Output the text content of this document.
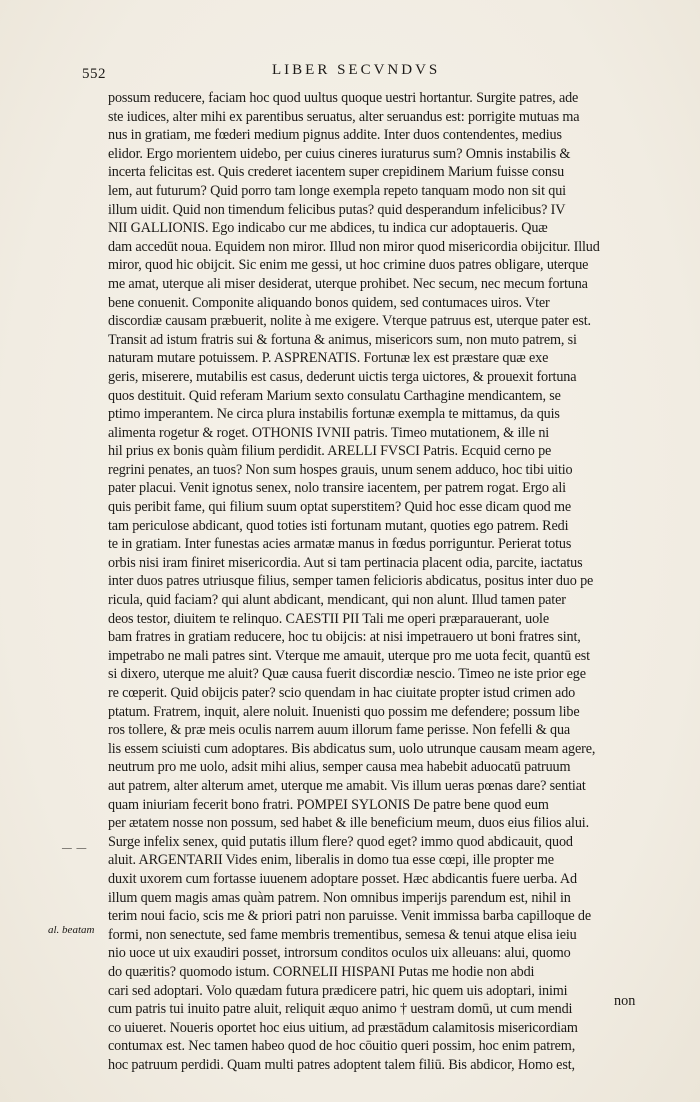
552	LIBER SECVNDVS
possum reducere, faciam hoc quod uultus quoque uestri hortantur. Surgite patres, ade
ste iudices, alter mihi ex parentibus seruatus, alter seruandus est: porrigite mutuas ma
nus in gratiam, me fœderi medium pignus addite. Inter duos contendentes, medius
elidor. Ergo morientem uidebo, per cuius cineres iuraturus sum? Omnis instabilis &
incerta felicitas est. Quis crederet iacentem super crepidinem Marium fuisse consu
lem, aut futurum? Quid porro tam longe exempla repeto tanquam modo non sit qui
illum uidit. Quid non timendum felicibus putas? quid desperandum infelicibus? IV
NII GALLIONIS. Ego indicabo cur me abdices, tu indica cur adoptaueris. Quæ
dam accedūt noua. Equidem non miror. Illud non miror quod misericordia obijcitur. Illud
miror, quod hic obijcit. Sic enim me gessi, ut hoc crimine duos patres obligare, uterque
me amat, uterque ali miser desiderat, uterque prohibet. Nec secum, nec mecum fortuna
bene conuenit. Componite aliquando bonos quidem, sed contumaces uiros. Vter
discordiæ causam præbuerit, nolite à me exigere. Vterque patruus est, uterque pater est.
Transit ad istum fratris sui & fortuna & animus, misericors sum, non muto patrem, si
naturam mutare potuissem. P. ASPRENATIS. Fortunæ lex est præstare quæ exe
geris, miserere, mutabilis est casus, dederunt uictis terga uictores, & prouexit fortuna
quos destituit. Quid referam Marium sexto consulatu Carthagine mendicantem, se
ptimo imperantem. Ne circa plura instabilis fortunæ exempla te mittamus, da quis
alimenta rogetur & roget. OTHONIS IVNII patris. Timeo mutationem, & ille ni
hil prius ex bonis quàm filium perdidit. ARELLI FVSCI Patris. Ecquid cerno pe
regrini penates, an tuos? Non sum hospes grauis, unum senem adduco, hoc tibi uitio
pater placui. Venit ignotus senex, nolo transire iacentem, per patrem rogat. Ergo ali
quis peribit fame, qui filium suum optat superstitem? Quid hoc esse dicam quod me
tam periculose abdicant, quod toties isti fortunam mutant, quoties ego patrem. Redi
te in gratiam. Inter funestas acies armatæ manus in fœdus porriguntur. Perierat totus
orbis nisi iram finiret misericordia. Aut si tam pertinacia placent odia, parcite, iactatus
inter duos patres utriusque filius, semper tamen felicioris abdicatus, positus inter duo pe
ricula, quid faciam? qui alunt abdicant, mendicant, qui non alunt. Illud tamen pater
deos testor, diuitem te relinquo. CAESTII PII Tali me operi præparauerant, uole
bam fratres in gratiam reducere, hoc tu obijcis: at nisi impetrauero ut boni fratres sint,
impetrabo ne mali patres sint. Vterque me amauit, uterque pro me uota fecit, quantū est
si dixero, uterque me aluit? Quæ causa fuerit discordiæ nescio. Timeo ne iste prior ege
re cœperit. Quid obijcis pater? scio quendam in hac ciuitate propter istud crimen ado
ptatum. Fratrem, inquit, alere noluit. Inuenisti quo possim me defendere; possum libe
ros tollere, & præ meis oculis narrem auum illorum fame perisse. Non fefelli & qua
lis essem sciuisti cum adoptares. Bis abdicatus sum, uolo utrunque causam meam agere,
neutrum pro me uolo, adsit mihi alius, semper causa mea habebit aduocatū patruum
aut patrem, alter alterum amet, uterque me amabit. Vis illum ueras pœnas dare? sentiat
quam iniuriam fecerit bono fratri. POMPEI SYLONIS De patre bene quod eum
per ætatem nosse non possum, sed habet & ille beneficium meum, duos eius filios alui.
Surge infelix senex, quid putatis illum flere? quod eget? immo quod abdicauit, quod
aluit. ARGENTARII Vides enim, liberalis in domo tua esse cœpi, ille propter me
duxit uxorem cum fortasse iuuenem adoptare posset. Hæc abdicantis fuere uerba. Ad
illum quem magis amas quàm patrem. Non omnibus imperijs parendum est, nihil in
terim noui facio, scis me & priori patri non paruisse. Venit immissa barba capilloque de
formi, non senectute, sed fame membris trementibus, semesa & tenui atque elisa ieiu
nio uoce ut uix exaudiri posset, introrsum conditos oculos uix alleuans: alui, quomo
do quæritis? quomodo istum. CORNELII HISPANI Putas me hodie non abdi
cari sed adoptari. Volo quædam futura prædicere patri, hic quem uis adoptari, inimi
cum patris tui inuito patre aluit, reliquit æquo animo † uestram domū, ut cum mendi
co uiueret. Noueris oportet hoc eius uitium, ad præstādum calamitosis misericordiam
contumax est. Nec tamen habeo quod de hoc cōuitio queri possim, hoc enim patrem,
hoc patruum perdidi. Quam multi patres adoptent talem filiū. Bis abdicor, Homo est,
— —
al. beatam
non
